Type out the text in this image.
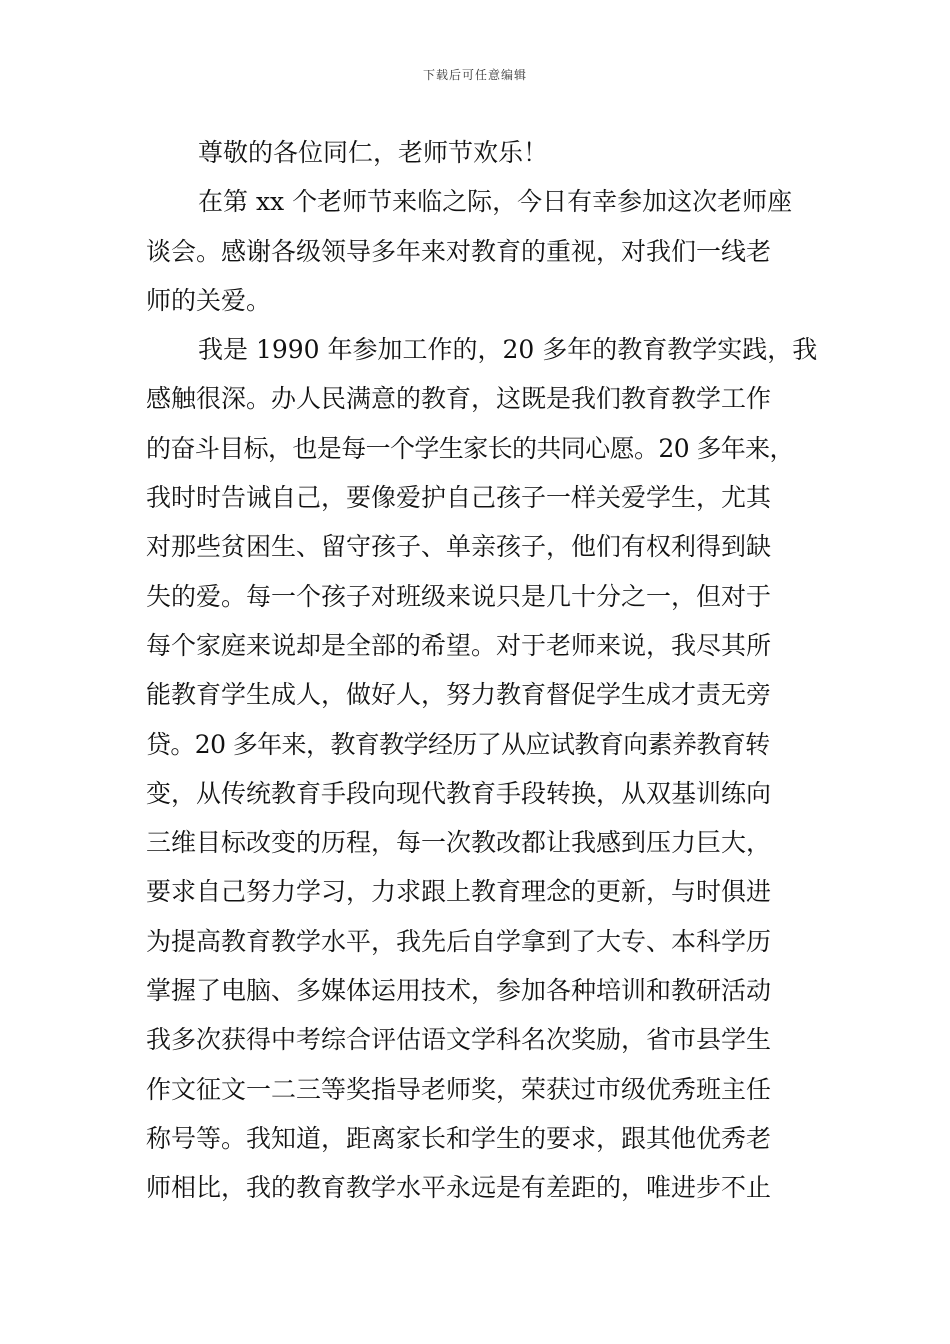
下载后可任意编辑
尊敬的各位同仁，老师节欢乐！
在第 xx 个老师节来临之际，今日有幸参加这次老师座
谈会。感谢各级领导多年来对教育的重视，对我们一线老
师的关爱。
我是 1990 年参加工作的，20 多年的教育教学实践，我
感触很深。办人民满意的教育，这既是我们教育教学工作
的奋斗目标，也是每一个学生家长的共同心愿。20 多年来，
我时时告诫自己，要像爱护自己孩子一样关爱学生，尤其
对那些贫困生、留守孩子、单亲孩子，他们有权利得到缺
失的爱。每一个孩子对班级来说只是几十分之一，但对于
每个家庭来说却是全部的希望。对于老师来说，我尽其所
能教育学生成人，做好人，努力教育督促学生成才责无旁
贷。20 多年来，教育教学经历了从应试教育向素养教育转
变，从传统教育手段向现代教育手段转换，从双基训练向
三维目标改变的历程，每一次教改都让我感到压力巨大，
要求自己努力学习，力求跟上教育理念的更新，与时俱进
为提高教育教学水平，我先后自学拿到了大专、本科学历
掌握了电脑、多媒体运用技术，参加各种培训和教研活动
我多次获得中考综合评估语文学科名次奖励，省市县学生
作文征文一二三等奖指导老师奖，荣获过市级优秀班主任
称号等。我知道，距离家长和学生的要求，跟其他优秀老
师相比，我的教育教学水平永远是有差距的，唯进步不止
